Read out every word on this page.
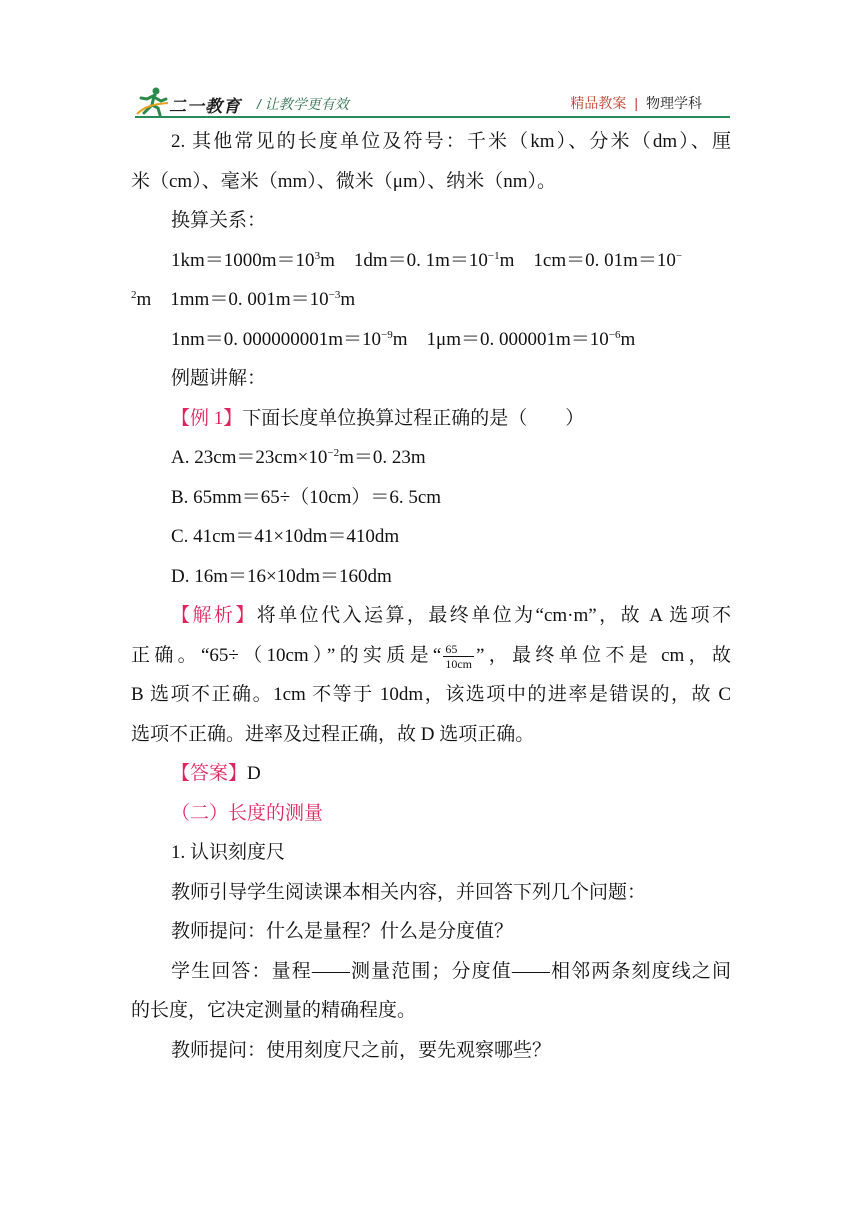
二一教育 / 让教学更有效	精品教案 | 物理学科
2. 其他常见的长度单位及符号：千米（km）、分米（dm）、厘
米（cm）、毫米（mm）、微米（μm）、纳米（nm）。
换算关系：
$1km=1000m=10^3m$　1dm＝0. $1m=10^{-1}m$　1cm＝0. 01m＝10−
$^2$m　1mm＝0. $001m=10^{-3}m$
1nm＝0. $000000001m=10^{-9}m$　1μm＝0. $000001m=10^{-6}m$
例题讲解：
【例 1】下面长度单位换算过程正确的是（　　）
A. $23cm=23cm\times 10^{-2}m=0$. 23m
B. 65mm＝65÷（10cm）＝6. 5cm
C. 41cm＝41×10dm＝410dm
D. 16m＝16×10dm＝160dm
【解析】将单位代入运算，最终单位为“cm·m”，故 A 选项不
正确。“65÷（10cm）”的实质是“ $\frac{65}{10cm}$ ”，最终单位不是 cm，故
B 选项不正确。1cm 不等于 10dm，该选项中的进率是错误的，故 C
选项不正确。进率及过程正确，故 D 选项正确。
【答案】D
（二）长度的测量
1. 认识刻度尺
教师引导学生阅读课本相关内容，并回答下列几个问题：
教师提问：什么是量程？什么是分度值？
学生回答：量程——测量范围；分度值——相邻两条刻度线之间
的长度，它决定测量的精确程度。
教师提问：使用刻度尺之前，要先观察哪些？
